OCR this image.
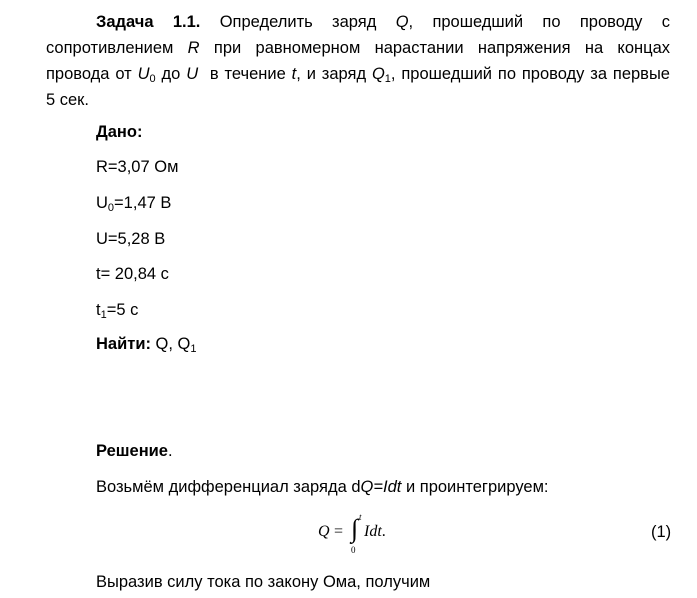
Задача 1.1. Определить заряд Q, прошедший по проводу с
сопротивлением R при равномерном нарастании напряжения на концах
провода от $U_0$ до U  в течение t, и заряд $Q_1$, прошедший по проводу за первые
5 сек.

Дано:
R=3,07 Ом
$U_0=1,47$ В
U=5,28 В
t= 20,84 с
$t_1=5$ с
Найти: Q, $Q_1$
Решение.
Возьмём дифференциал заряда dQ=Idt и проинтегрируем:
Q = ∫ t
0
Idt.	(1)
Выразив силу тока по закону Ома, получим
